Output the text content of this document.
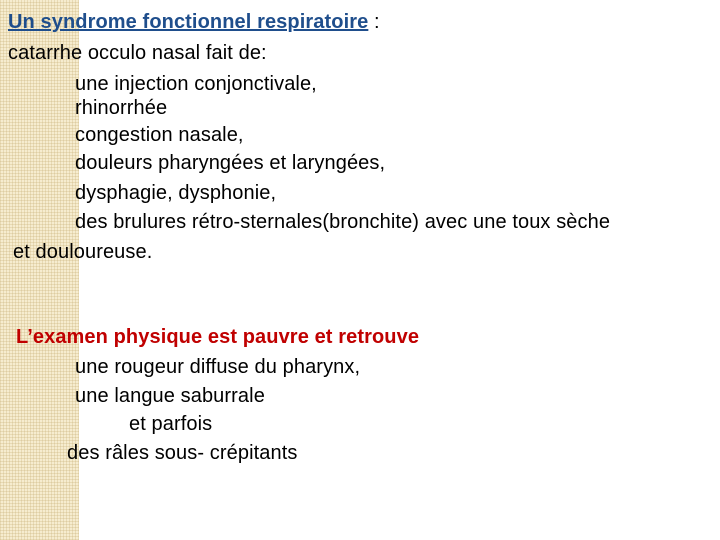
Un syndrome fonctionnel respiratoire :
catarrhe occulo nasal fait de:
une injection conjonctivale,
rhinorrhée
congestion nasale,
douleurs pharyngées et laryngées,
dysphagie, dysphonie,
des brulures rétro-sternales(bronchite) avec une toux sèche
et douloureuse.
L’examen physique est pauvre et retrouve
une rougeur diffuse du pharynx,
une langue saburrale
et parfois
des râles sous- crépitants
